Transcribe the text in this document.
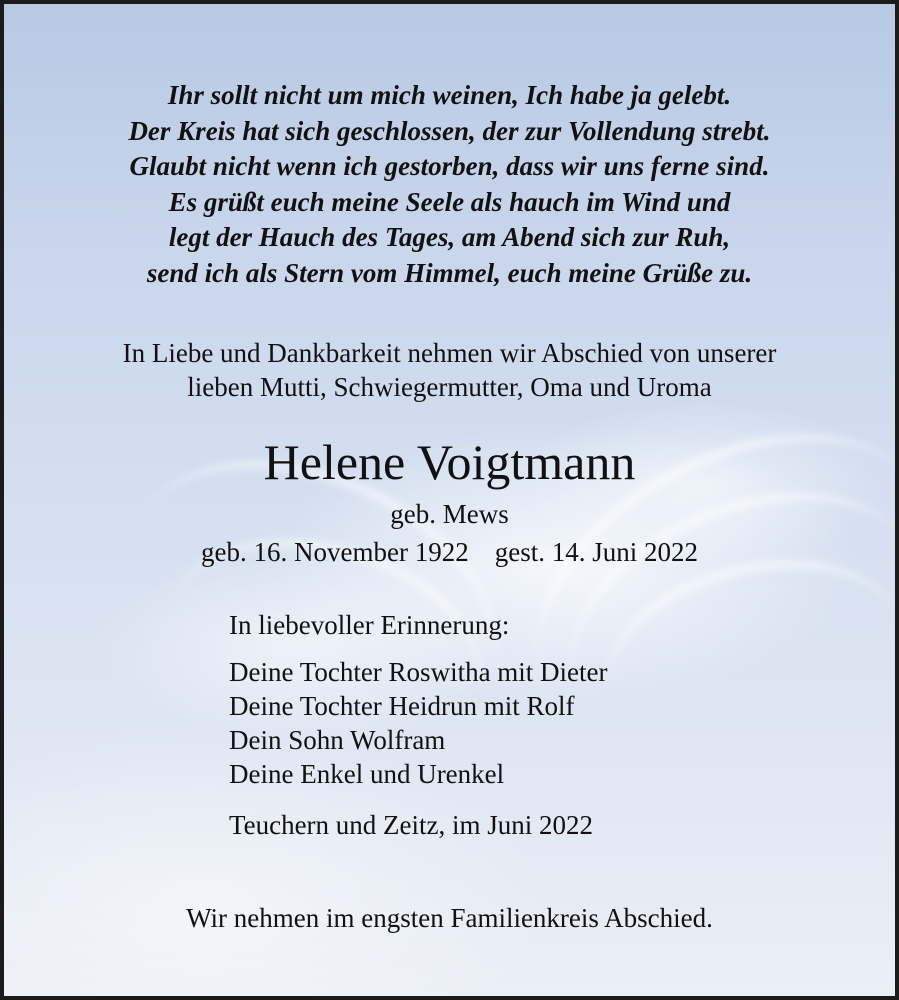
Ihr sollt nicht um mich weinen, Ich habe ja gelebt.
Der Kreis hat sich geschlossen, der zur Vollendung strebt.
Glaubt nicht wenn ich gestorben, dass wir uns ferne sind.
Es grüßt euch meine Seele als hauch im Wind und
legt der Hauch des Tages, am Abend sich zur Ruh,
send ich als Stern vom Himmel, euch meine Grüße zu.
In Liebe und Dankbarkeit nehmen wir Abschied von unserer
lieben Mutti, Schwiegermutter, Oma und Uroma
Helene Voigtmann
geb. Mews
geb. 16. November 1922 gest. 14. Juni 2022
In liebevoller Erinnerung:
Deine Tochter Roswitha mit Dieter
Deine Tochter Heidrun mit Rolf
Dein Sohn Wolfram
Deine Enkel und Urenkel
Teuchern und Zeitz, im Juni 2022
Wir nehmen im engsten Familienkreis Abschied.
